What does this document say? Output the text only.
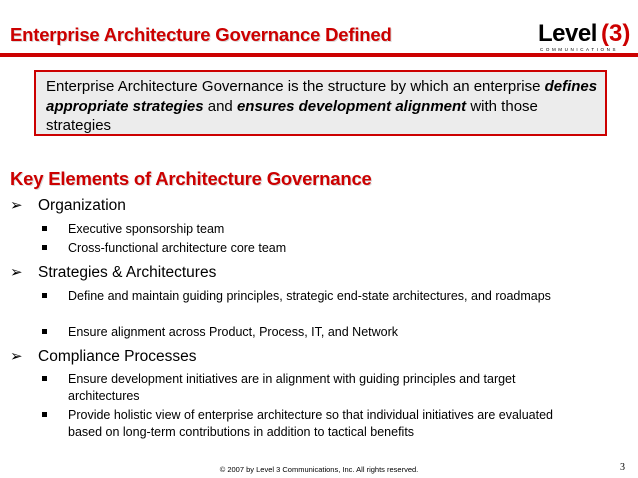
Enterprise Architecture Governance Defined	Level (3)
COMMUNICATIONS
Enterprise Architecture Governance is the structure by which an enterprise defines appropriate strategies and ensures development alignment with those strategies
Key Elements of Architecture Governance
➢ Organization
Executive sponsorship team
Cross-functional architecture core team
➢ Strategies & Architectures
Define and maintain guiding principles, strategic end-state architectures, and roadmaps
Ensure alignment across Product, Process, IT, and Network
➢ Compliance Processes
Ensure development initiatives are in alignment with guiding principles and target architectures
Provide holistic view of enterprise architecture so that individual initiatives are evaluated based on long-term contributions in addition to tactical benefits
© 2007 by Level 3 Communications, Inc. All rights reserved.	3
